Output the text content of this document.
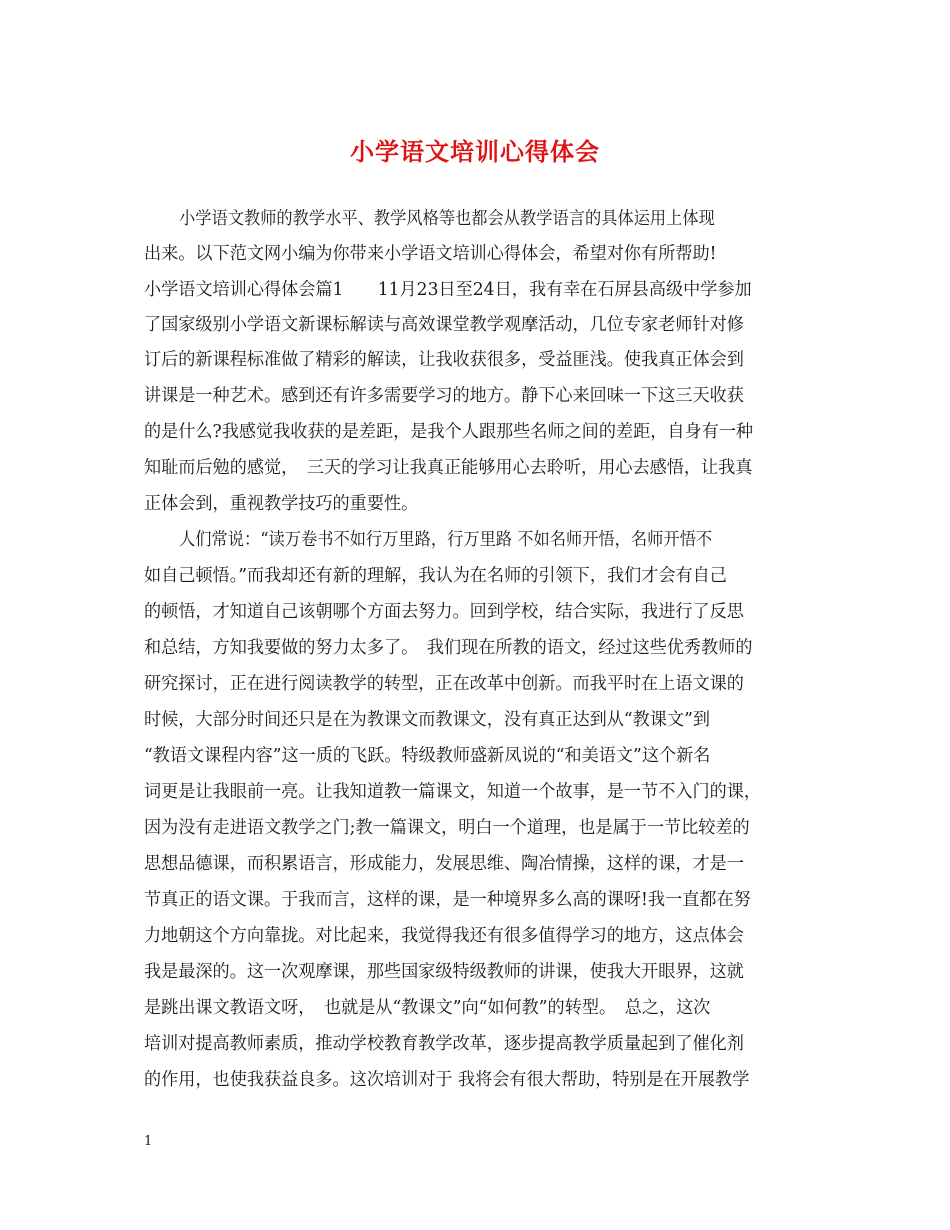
小学语文培训心得体会
小学语文教师的教学水平、教学风格等也都会从教学语言的具体运用上体现
出来。以下范文网小编为你带来小学语文培训心得体会，希望对你有所帮助!
小学语文培训心得体会篇1　　11月23日至24日，我有幸在石屏县高级中学参加
了国家级别小学语文新课标解读与高效课堂教学观摩活动，几位专家老师针对修
订后的新课程标准做了精彩的解读，让我收获很多，受益匪浅。使我真正体会到
讲课是一种艺术。感到还有许多需要学习的地方。静下心来回味一下这三天收获
的是什么?我感觉我收获的是差距，是我个人跟那些名师之间的差距，自身有一种
知耻而后勉的感觉，　三天的学习让我真正能够用心去聆听，用心去感悟，让我真
正体会到，重视教学技巧的重要性。
人们常说：“读万卷书不如行万里路，行万里路 不如名师开悟，名师开悟不
如自己顿悟。”而我却还有新的理解，我认为在名师的引领下，我们才会有自己
的顿悟，才知道自己该朝哪个方面去努力。回到学校，结合实际，我进行了反思
和总结，方知我要做的努力太多了。　我们现在所教的语文，经过这些优秀教师的
研究探讨，正在进行阅读教学的转型，正在改革中创新。而我平时在上语文课的
时候，大部分时间还只是在为教课文而教课文，没有真正达到从“教课文”到
“教语文课程内容”这一质的飞跃。特级教师盛新凤说的“和美语文”这个新名
词更是让我眼前一亮。让我知道教一篇课文，知道一个故事，是一节不入门的课，
因为没有走进语文教学之门;教一篇课文，明白一个道理，也是属于一节比较差的
思想品德课，而积累语言，形成能力，发展思维、陶冶情操，这样的课，才是一
节真正的语文课。于我而言，这样的课，是一种境界多么高的课呀!我一直都在努
力地朝这个方向靠拢。对比起来，我觉得我还有很多值得学习的地方，这点体会
我是最深的。这一次观摩课，那些国家级特级教师的讲课，使我大开眼界，这就
是跳出课文教语文呀，　也就是从“教课文”向“如何教”的转型。　总之，这次
培训对提高教师素质，推动学校教育教学改革，逐步提高教学质量起到了催化剂
的作用，也使我获益良多。这次培训对于 我将会有很大帮助，特别是在开展教学
1
